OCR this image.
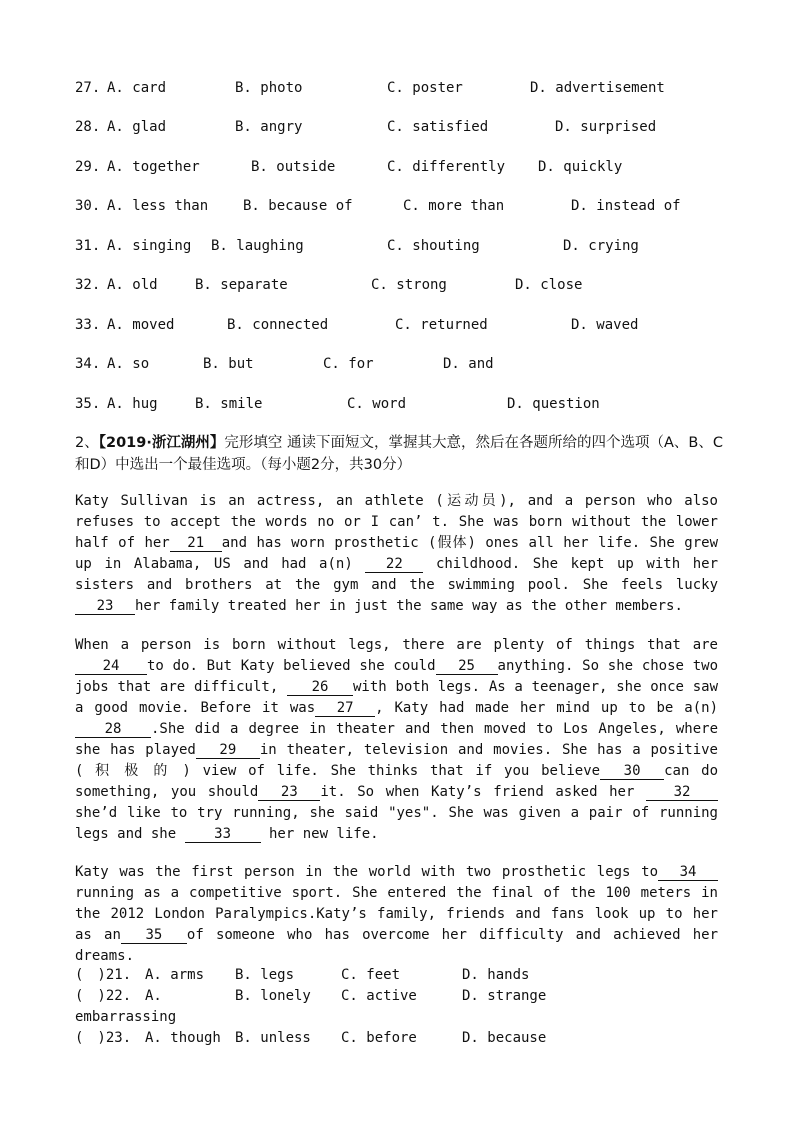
27. A. card	B. photo	C. poster	D. advertisement
28. A. glad	B. angry	C. satisfied	D. surprised
29. A. together	B. outside	C. differently D. quickly
30. A. less than B. because of	C. more than	D. instead of
31. A. singing B. laughing	C. shouting	D. crying
32. A. old	B. separate	C. strong	D. close
33. A. moved	B. connected	C. returned	D. waved
34. A. so	B. but	C. for	D. and
35. A. hug	B. smile	C. word	D. question
2、【2019·浙江湖州】完形填空 通读下面短文，掌握其大意，然后在各题所给的四个选项（A、B、C和D）中选出一个最佳选项。（每小题2分，共30分）
Katy Sullivan is an actress, an athlete (运动员), and a person who also refuses to accept the words no or I can’ t. She was born without the lower half of her 21 and has worn prosthetic (假体) ones all her life. She grew up in Alabama, US and had a(n) 22 childhood. She kept up with her sisters and brothers at the gym and the swimming pool. She feels lucky23 her family treated her in just the same way as the other members.
When a person is born without legs, there are plenty of things that are 24 to do. But Katy believed she could 25 anything. So she chose two jobs that are difficult, 26 with both legs. As a teenager, she once saw a good movie. Before it was 27 , Katy had made her mind up to be a(n)28 .She did a degree in theater and then moved to Los Angeles, where she has played 29 in theater, television and movies. She has a positive ( 积 极 的 ) view of life. She thinks that if you believe 30 can do something, you should 23 it. So when Katy’s friend asked her 32 she’d like to try running, she said "yes". She was given a pair of running legs and she 33 her new life.
Katy was the first person in the world with two prosthetic legs to 34running as a competitive sport. She entered the final of the 100 meters in the 2012 London Paralympics.Katy’s family, friends and fans look up to her as an 35 of someone who has overcome her difficulty and achieved her dreams.
(　)21. A. arms B. legs	C. feet	D. hands
(　)22. A.	B. lonely C. active	D. strange
embarrassing
(　)23. A. though B. unless C. before	D. because
